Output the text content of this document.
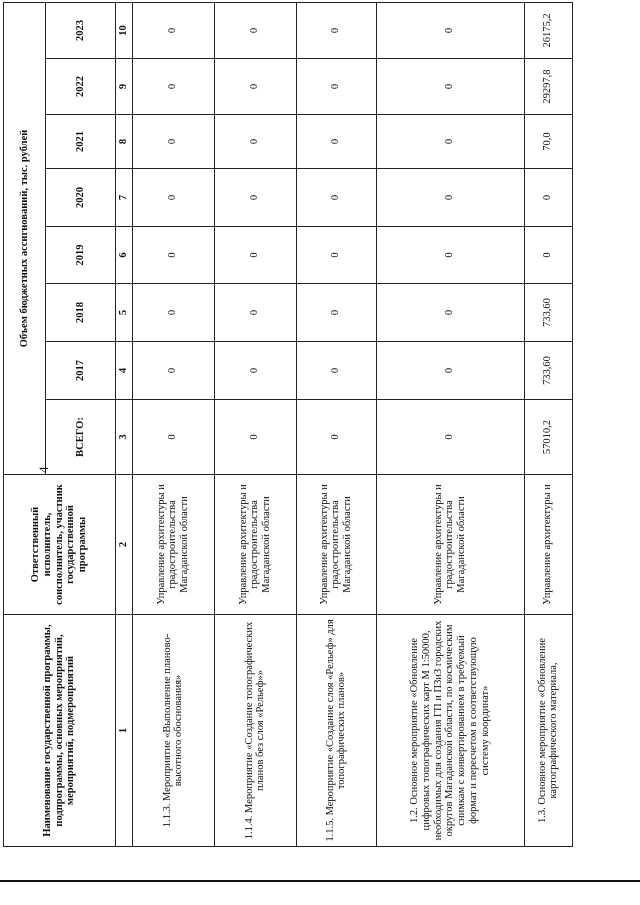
4
Наименование государственной программы, подпрограммы, основных мероприятий, мероприятий, подмероприятий	Ответственный исполнитель, соисполнитель, участник государственной программы	Объем бюджетных ассигнований, тыс. рублей							
		ВСЕГО:	2017	2018	2019	2020	2021	2022	2023
1	2	3	4	5	6	7	8	9	10
1.1.3. Мероприятие «Выполнение планово-высотного обоснования»	Управление архитектуры и градостроительства Магаданской области	0	0	0	0	0	0	0	0
1.1.4. Мероприятие «Создание топографических планов без слоя «Рельеф»»	Управление архитектуры и градостроительства Магаданской области	0	0	0	0	0	0	0	0
1.1.5. Мероприятие «Создание слоя «Рельеф» для топографических планов»	Управление архитектуры и градостроительства Магаданской области	0	0	0	0	0	0	0	0
1.2. Основное мероприятие «Обновление цифровых топографических карт М 1:50000, необходимых для создания ГП и ПЗиЗ городских округов Магаданской области, по космическим снимкам с конвертированием в требуемый формат и пересчетом в соответствующую систему координат»	Управление архитектуры и градостроительства Магаданской области	0	0	0	0	0	0	0	0
1.3. Основное мероприятие «Обновление картографического материала,	Управление архитектуры и	57010,2	733,60	733,60	0	0	70,0	29297,8	26175,2
